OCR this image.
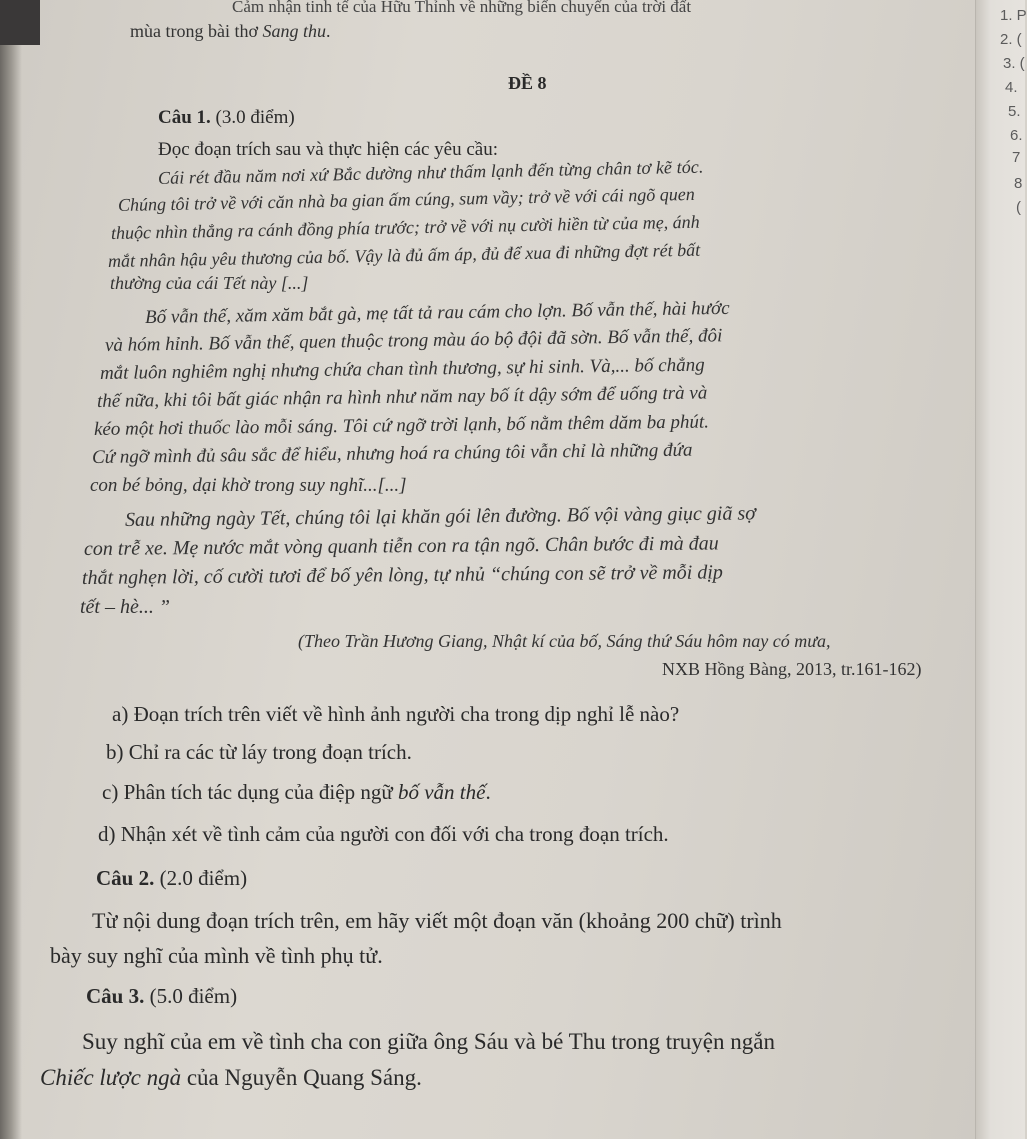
1. P
2. (
3. (
4.
5.
6.
7
8
(
Cảm nhận tinh tế của Hữu Thỉnh về những biến chuyển của trời đất
mùa trong bài thơ Sang thu.
ĐỀ 8
Câu 1. (3.0 điểm)
Đọc đoạn trích sau và thực hiện các yêu cầu:
Cái rét đầu năm nơi xứ Bắc dường như thấm lạnh đến từng chân tơ kẽ tóc.
Chúng tôi trở về với căn nhà ba gian ấm cúng, sum vầy; trở về với cái ngõ quen
thuộc nhìn thẳng ra cánh đồng phía trước; trở về với nụ cười hiền từ của mẹ, ánh
mắt nhân hậu yêu thương của bố. Vậy là đủ ấm áp, đủ để xua đi những đợt rét bất
thường của cái Tết này [...]
Bố vẫn thế, xăm xăm bắt gà, mẹ tất tả rau cám cho lợn. Bố vẫn thế, hài hước
và hóm hỉnh. Bố vẫn thế, quen thuộc trong màu áo bộ đội đã sờn. Bố vẫn thế, đôi
mắt luôn nghiêm nghị nhưng chứa chan tình thương, sự hi sinh. Và,... bố chẳng
thế nữa, khi tôi bất giác nhận ra hình như năm nay bố ít dậy sớm để uống trà và
kéo một hơi thuốc lào mỗi sáng. Tôi cứ ngỡ trời lạnh, bố nằm thêm dăm ba phút.
Cứ ngỡ mình đủ sâu sắc để hiểu, nhưng hoá ra chúng tôi vẫn chỉ là những đứa
con bé bỏng, dại khờ trong suy nghĩ...[...]
Sau những ngày Tết, chúng tôi lại khăn gói lên đường. Bố vội vàng giục giã sợ
con trễ xe. Mẹ nước mắt vòng quanh tiễn con ra tận ngõ. Chân bước đi mà đau
thắt nghẹn lời, cố cười tươi để bố yên lòng, tự nhủ “chúng con sẽ trở về mỗi dịp
tết – hè... ”
(Theo Trần Hương Giang, Nhật kí của bố, Sáng thứ Sáu hôm nay có mưa,
NXB Hồng Bàng, 2013, tr.161-162)
a) Đoạn trích trên viết về hình ảnh người cha trong dịp nghỉ lễ nào?
b) Chỉ ra các từ láy trong đoạn trích.
c) Phân tích tác dụng của điệp ngữ bố vẫn thế.
d) Nhận xét về tình cảm của người con đối với cha trong đoạn trích.
Câu 2. (2.0 điểm)
Từ nội dung đoạn trích trên, em hãy viết một đoạn văn (khoảng 200 chữ) trình
bày suy nghĩ của mình về tình phụ tử.
Câu 3. (5.0 điểm)
Suy nghĩ của em về tình cha con giữa ông Sáu và bé Thu trong truyện ngắn
Chiếc lược ngà của Nguyễn Quang Sáng.
